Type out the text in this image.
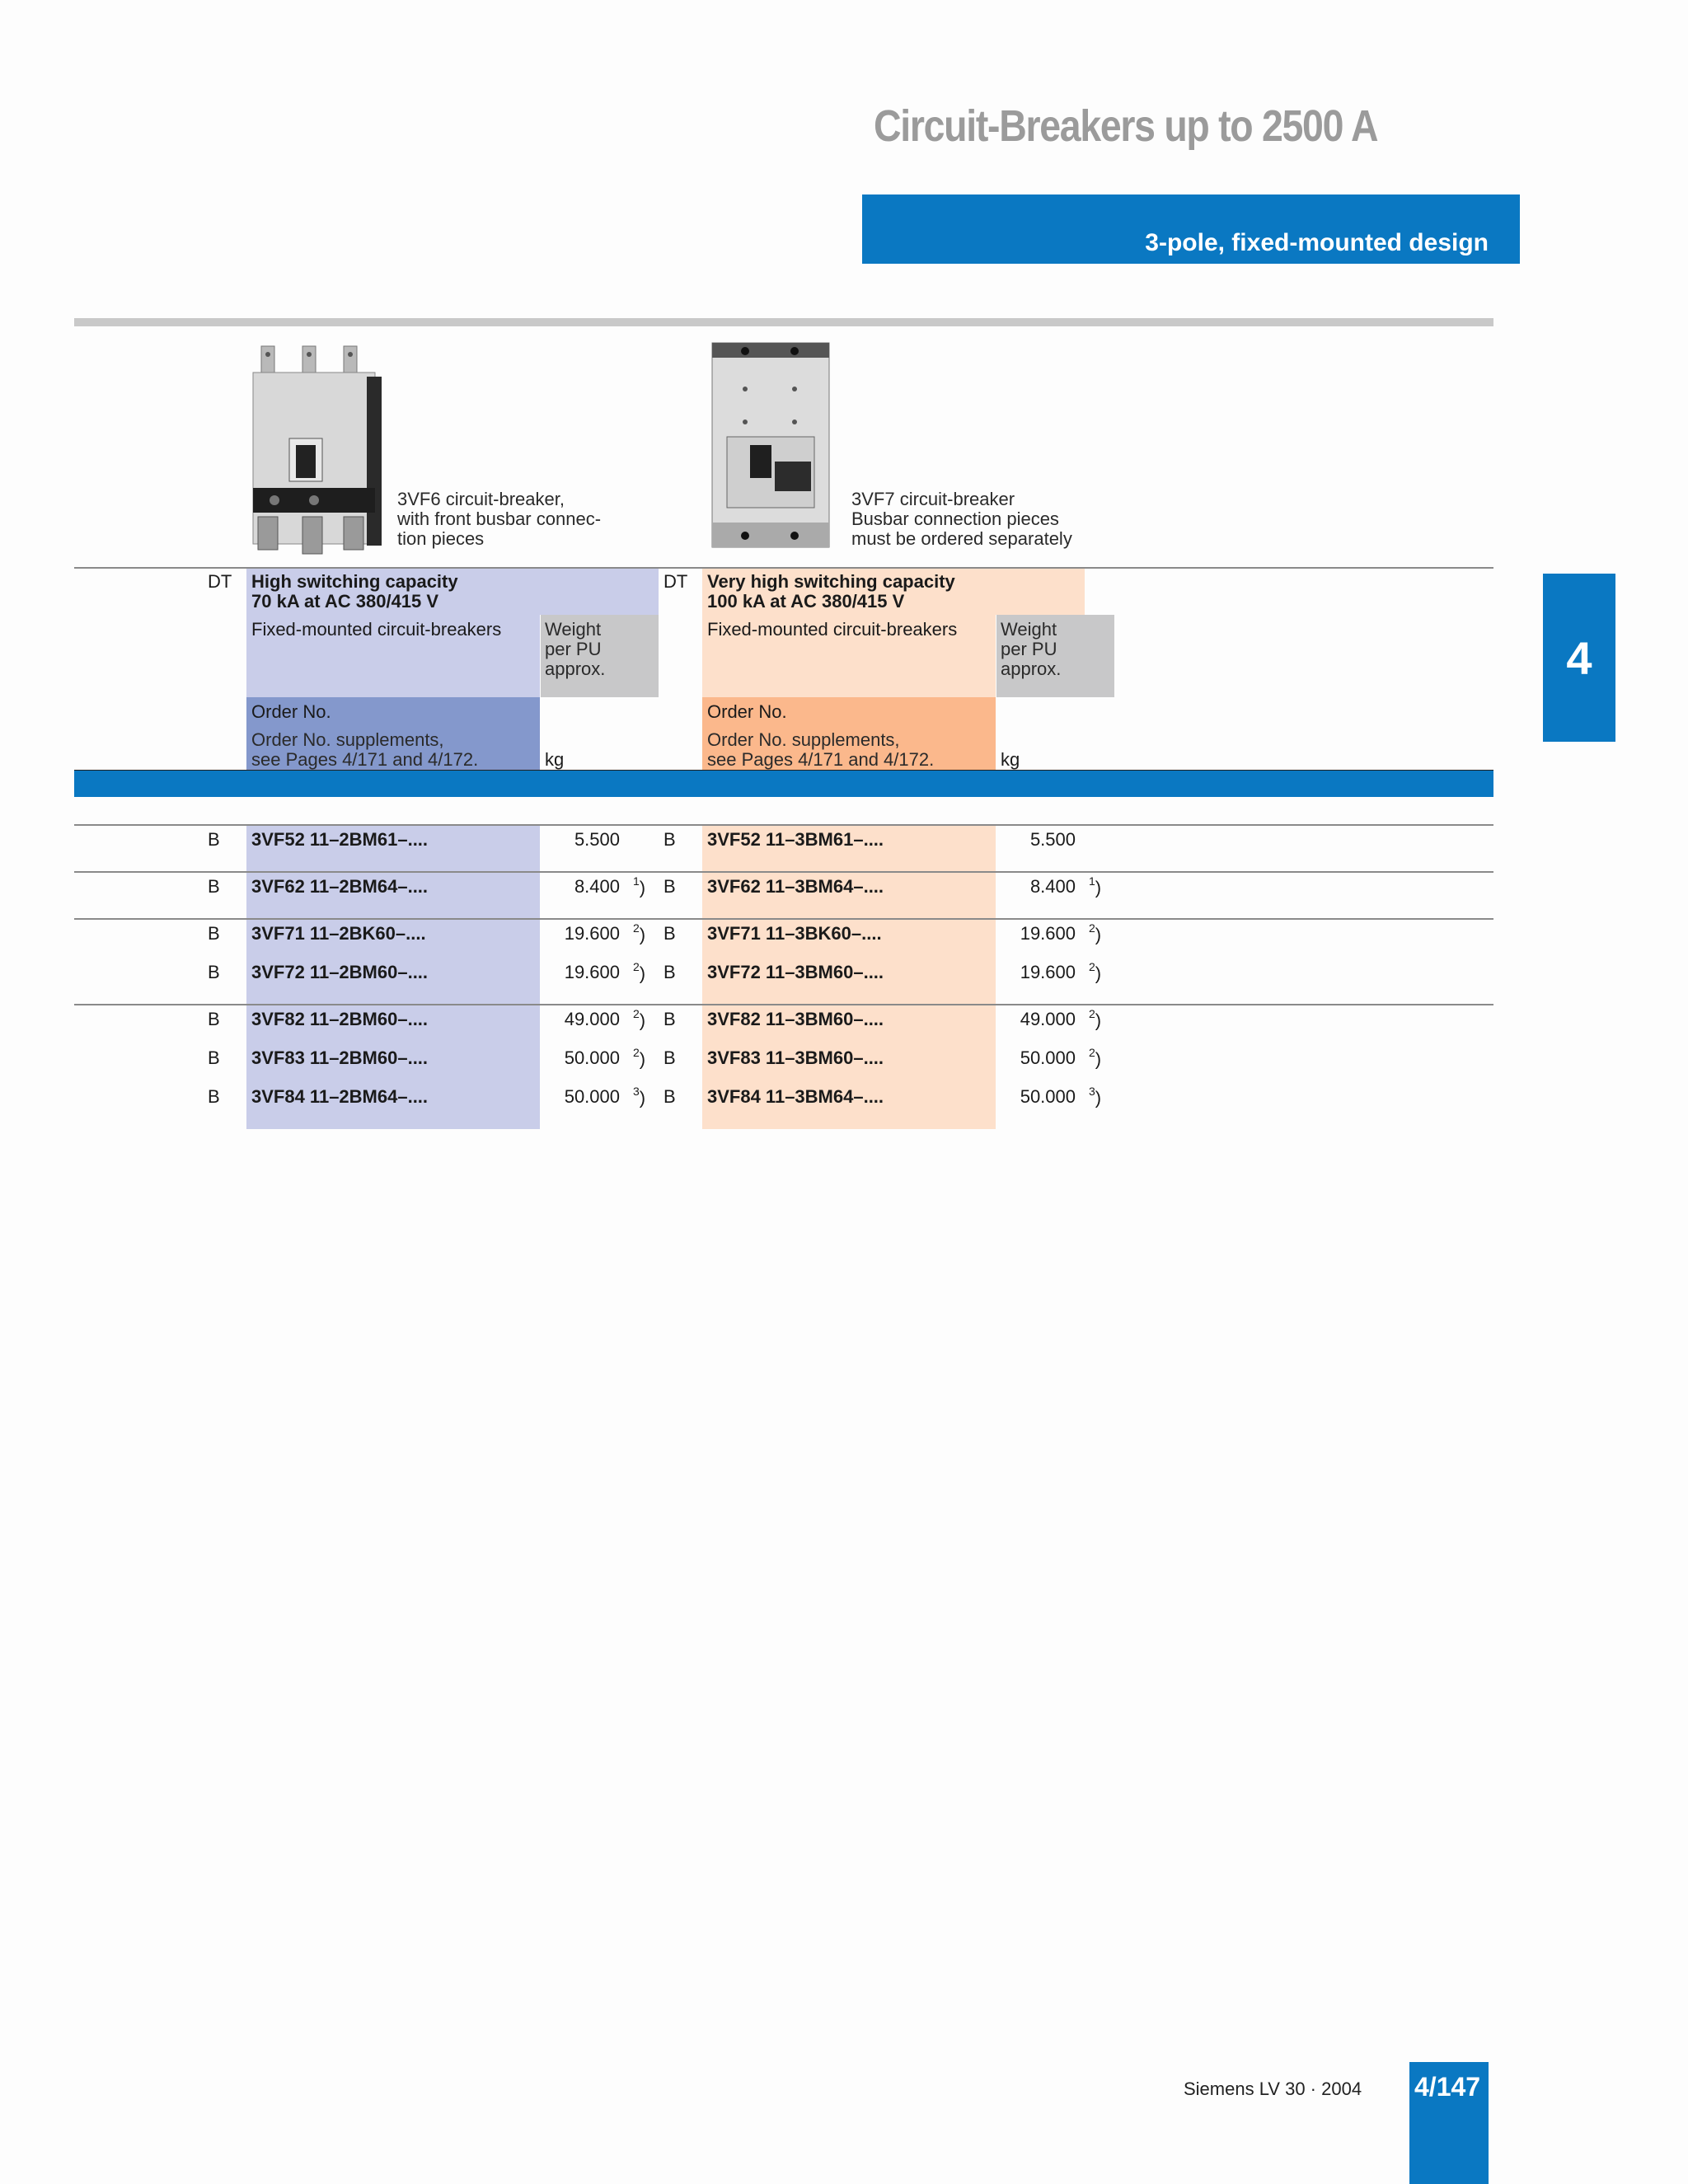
Circuit-Breakers up to 2500 A
3-pole, fixed-mounted design
4
3VF6 circuit-breaker,
with front busbar connec-
tion pieces
3VF7 circuit-breaker
Busbar connection pieces
must be ordered separately
DT High switching capacity
70 kA at AC 380/415 V
Fixed-mounted circuit-breakers Weight
per PU
approx.
Order No.
Order No. supplements,
see Pages 4/171 and 4/172.	kg
DT Very high switching capacity
100 kA at AC 380/415 V
Fixed-mounted circuit-breakers Weight
per PU
approx.
Order No.
Order No. supplements,
see Pages 4/171 and 4/172.	kg
B 3VF52 11–2BM61–....	5.500 B 3VF52 11–3BM61–....	5.500
B 3VF62 11–2BM64–....	8.400 $^1$) B 3VF62 11–3BM64–....	8.400 $^1$)
B 3VF71 11–2BK60–....	19.600 $^2$) B 3VF71 11–3BK60–....	19.600 $^2$)
B 3VF72 11–2BM60–....	19.600 $^2$) B 3VF72 11–3BM60–....	19.600 $^2$)
B 3VF82 11–2BM60–....	49.000 $^2$) B 3VF82 11–3BM60–....	49.000 $^2$)
B 3VF83 11–2BM60–....	50.000 $^2$) B 3VF83 11–3BM60–....	50.000 $^2$)
B 3VF84 11–2BM64–....	50.000 $^3$) B 3VF84 11–3BM64–....	50.000 $^3$)
Siemens LV 30 · 2004 4/147
